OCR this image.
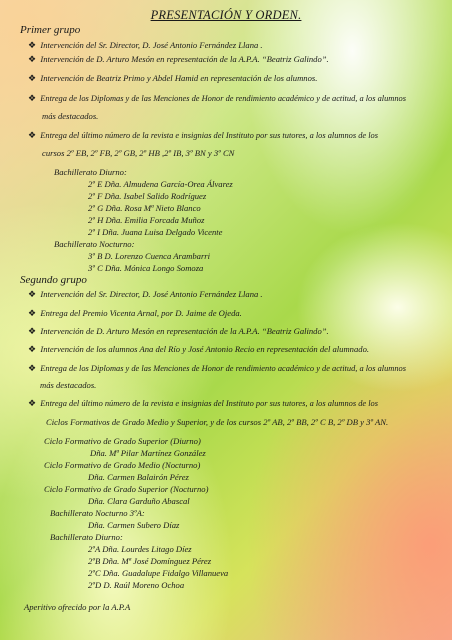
PRESENTACIÓN Y ORDEN.
Primer grupo
❖ Intervención del Sr. Director, D. José Antonio Fernández Llana .
❖ Intervención de D. Arturo Mesón en representación de la A.P.A. “Beatriz Galindo”.
❖ Intervención de Beatriz Primo y Abdel Hamid en representación de los alumnos.
❖ Entrega de los Diplomas y de las Menciones de Honor de rendimiento académico y de actitud, a los alumnos
más destacados.
❖ Entrega del último número de la revista e insignias del Instituto por sus tutores, a los alumnos de los
cursos 2º EB, 2º FB, 2º GB, 2º HB ,2º IB, 3º BN y 3º CN
Bachillerato Diurno:
2º E Dña. Almudena García-Orea Álvarez
2º F Dña. Isabel Salido Rodríguez
2º G Dña. Rosa Mª Nieto Blanco
2º H Dña. Emilia Forcada Muñoz
2º I Dña. Juana Luisa Delgado Vicente
Bachillerato Nocturno:
3º B D. Lorenzo Cuenca Arambarri
3º C Dña. Mónica Longo Somoza
Segundo grupo
❖ Intervención del Sr. Director, D. José Antonio Fernández Llana .
❖ Entrega del Premio Vicenta Arnal, por D. Jaime de Ojeda.
❖ Intervención de D. Arturo Mesón en representación de la A.P.A. “Beatriz Galindo”.
❖ Intervención de los alumnos Ana del Río y José Antonio Recio en representación del alumnado.
❖ Entrega de los Diplomas y de las Menciones de Honor de rendimiento académico y de actitud, a los alumnos
más destacados.
❖ Entrega del último número de la revista e insignias del Instituto por sus tutores, a los alumnos de los
Ciclos Formativos de Grado Medio y Superior, y de los cursos 2º AB, 2º BB, 2º C B, 2º DB y 3º AN.
Ciclo Formativo de Grado Superior (Diurno)
Dña. Mª Pilar Martínez González
Ciclo Formativo de Grado Medio (Nocturno)
Dña. Carmen Balairón Pérez
Ciclo Formativo de Grado Superior (Nocturno)
Dña. Clara Garduño Abascal
Bachillerato Nocturno 3ºA:
Dña. Carmen Subero Díaz
Bachillerato Diurno:
2ºA Dña. Lourdes Litago Díez
2ºB Dña. Mª José Domínguez Pérez
2ºC Dña. Guadalupe Fidalgo Villanueva
2ºD D. Raúl Moreno Ochoa
Aperitivo ofrecido por la A.P.A
